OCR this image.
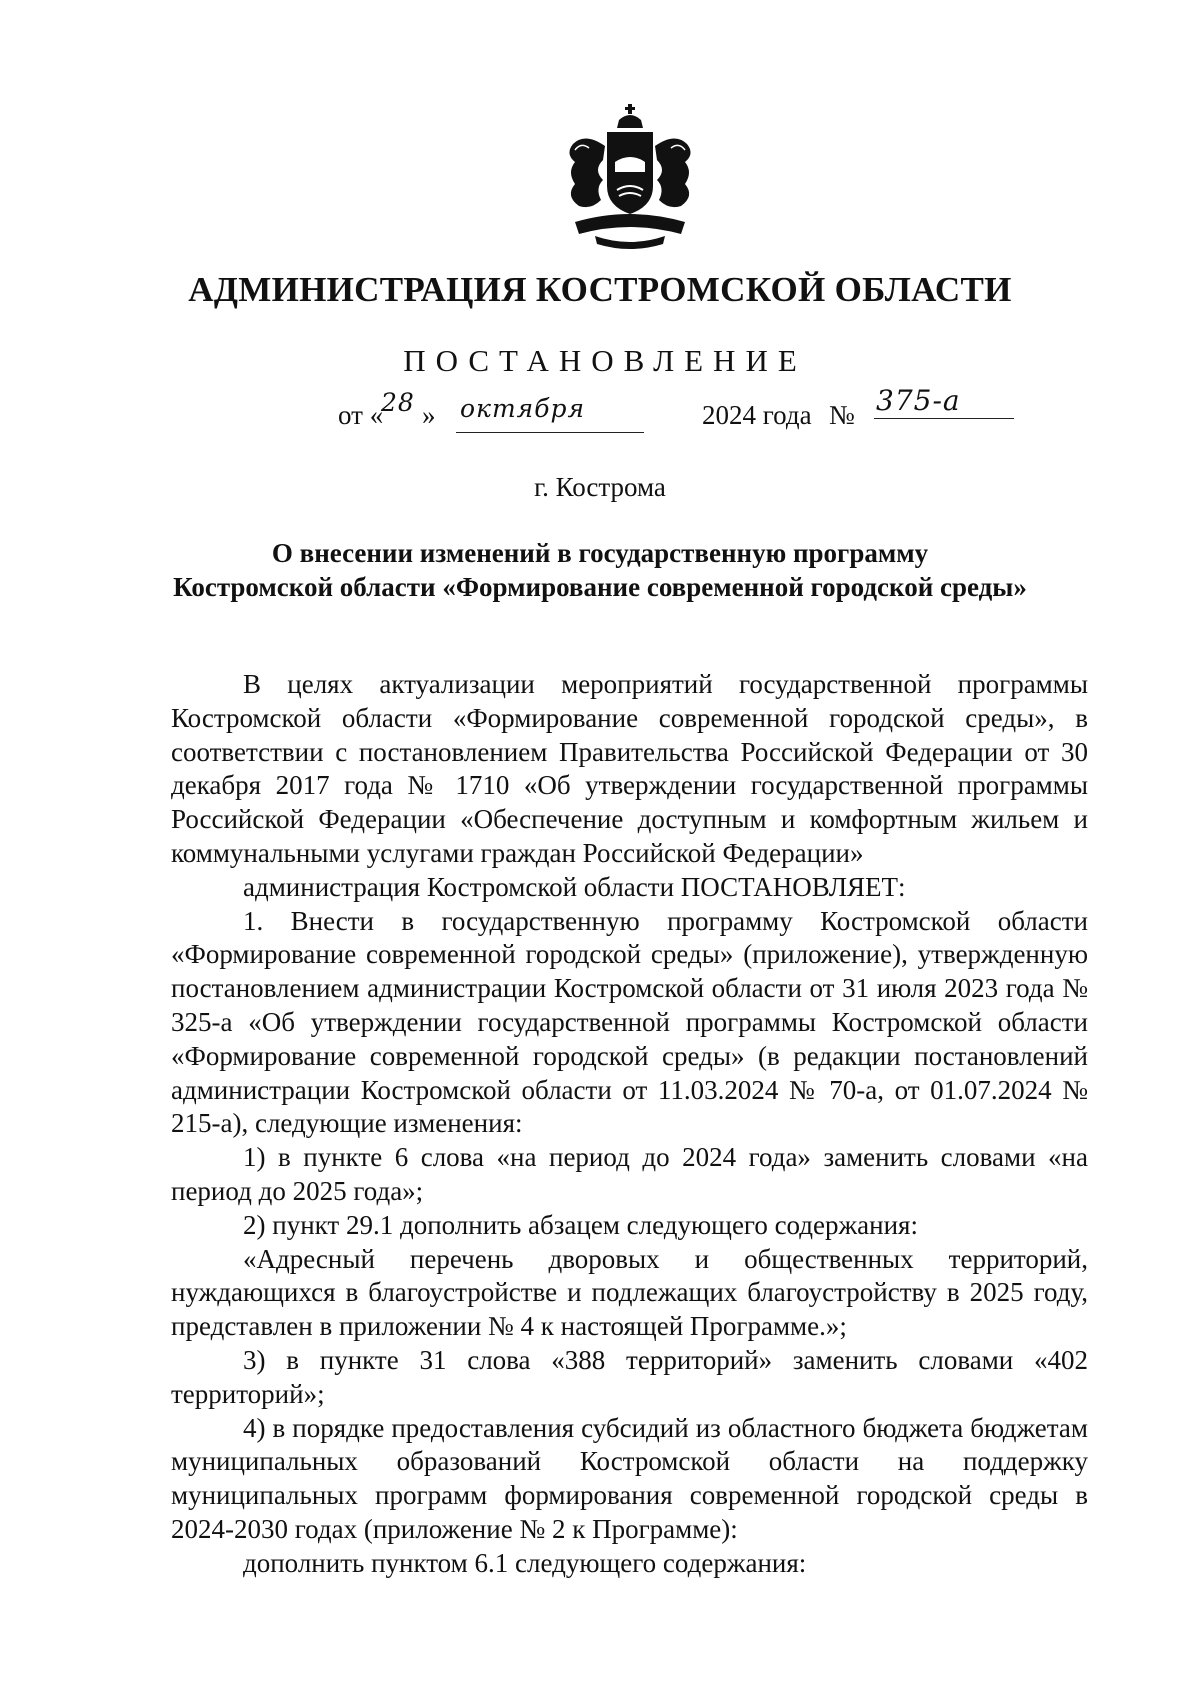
АДМИНИСТРАЦИЯ КОСТРОМСКОЙ ОБЛАСТИ
ПОСТАНОВЛЕНИЕ
от «
28 » октября	2024 года № 375-а
г. Кострома
О внесении изменений в государственную программу
Костромской области «Формирование современной городской среды»

В целях актуализации мероприятий государственной программы Костромской области «Формирование современной городской среды», в соответствии с постановлением Правительства Российской Федерации от 30 декабря 2017 года № 1710 «Об утверждении государственной программы Российской Федерации «Обеспечение доступным и комфортным жильем и коммунальными услугами граждан Российской Федерации»

администрация Костромской области ПОСТАНОВЛЯЕТ:

1. Внести в государственную программу Костромской области «Формирование современной городской среды» (приложение), утвержденную постановлением администрации Костромской области от 31 июля 2023 года № 325-а «Об утверждении государственной программы Костромской области «Формирование современной городской среды» (в редакции постановлений администрации Костромской области от 11.03.2024 № 70-а, от 01.07.2024 № 215-а), следующие изменения:

1) в пункте 6 слова «на период до 2024 года» заменить словами «на период до 2025 года»;

2) пункт 29.1 дополнить абзацем следующего содержания:

«Адресный перечень дворовых и общественных территорий, нуждающихся в благоустройстве и подлежащих благоустройству в 2025 году, представлен в приложении № 4 к настоящей Программе.»;

3) в пункте 31 слова «388 территорий» заменить словами «402 территорий»;

4) в порядке предоставления субсидий из областного бюджета бюджетам муниципальных образований Костромской области на поддержку муниципальных программ формирования современной городской среды в 2024-2030 годах (приложение № 2 к Программе):

дополнить пунктом 6.1 следующего содержания:
